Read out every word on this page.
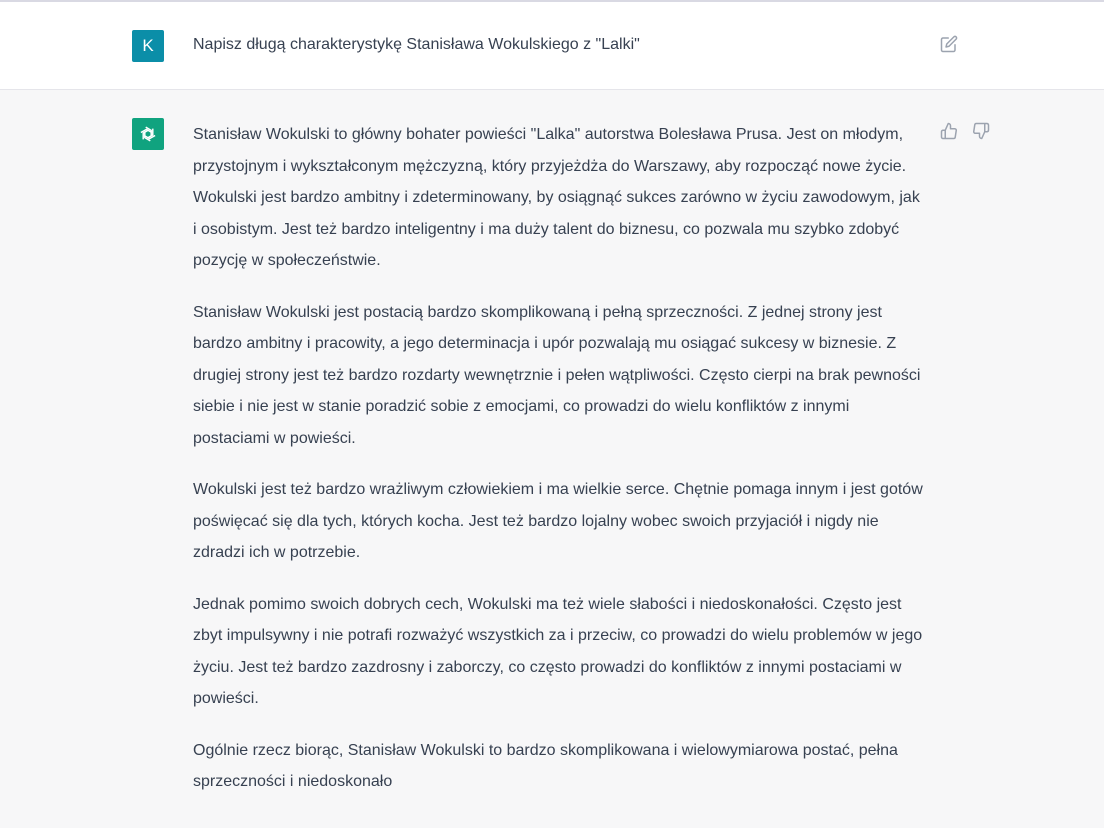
K Napisz długą charakterystykę Stanisława Wokulskiego z "Lalki"

Stanisław Wokulski to główny bohater powieści "Lalka" autorstwa Bolesława Prusa. Jest on młodym, przystojnym i wykształconym mężczyzną, który przyjeżdża do Warszawy, aby rozpocząć nowe życie. Wokulski jest bardzo ambitny i zdeterminowany, by osiągnąć sukces zarówno w życiu zawodowym, jak i osobistym. Jest też bardzo inteligentny i ma duży talent do biznesu, co pozwala mu szybko zdobyć pozycję w społeczeństwie.

Stanisław Wokulski jest postacią bardzo skomplikowaną i pełną sprzeczności. Z jednej strony jest bardzo ambitny i pracowity, a jego determinacja i upór pozwalają mu osiągać sukcesy w biznesie. Z drugiej strony jest też bardzo rozdarty wewnętrznie i pełen wątpliwości. Często cierpi na brak pewności siebie i nie jest w stanie poradzić sobie z emocjami, co prowadzi do wielu konfliktów z innymi postaciami w powieści.

Wokulski jest też bardzo wrażliwym człowiekiem i ma wielkie serce. Chętnie pomaga innym i jest gotów poświęcać się dla tych, których kocha. Jest też bardzo lojalny wobec swoich przyjaciół i nigdy nie zdradzi ich w potrzebie.

Jednak pomimo swoich dobrych cech, Wokulski ma też wiele słabości i niedoskonałości. Często jest zbyt impulsywny i nie potrafi rozważyć wszystkich za i przeciw, co prowadzi do wielu problemów w jego życiu. Jest też bardzo zazdrosny i zaborczy, co często prowadzi do konfliktów z innymi postaciami w powieści.

Ogólnie rzecz biorąc, Stanisław Wokulski to bardzo skomplikowana i wielowymiarowa postać, pełna sprzeczności i niedoskonało
